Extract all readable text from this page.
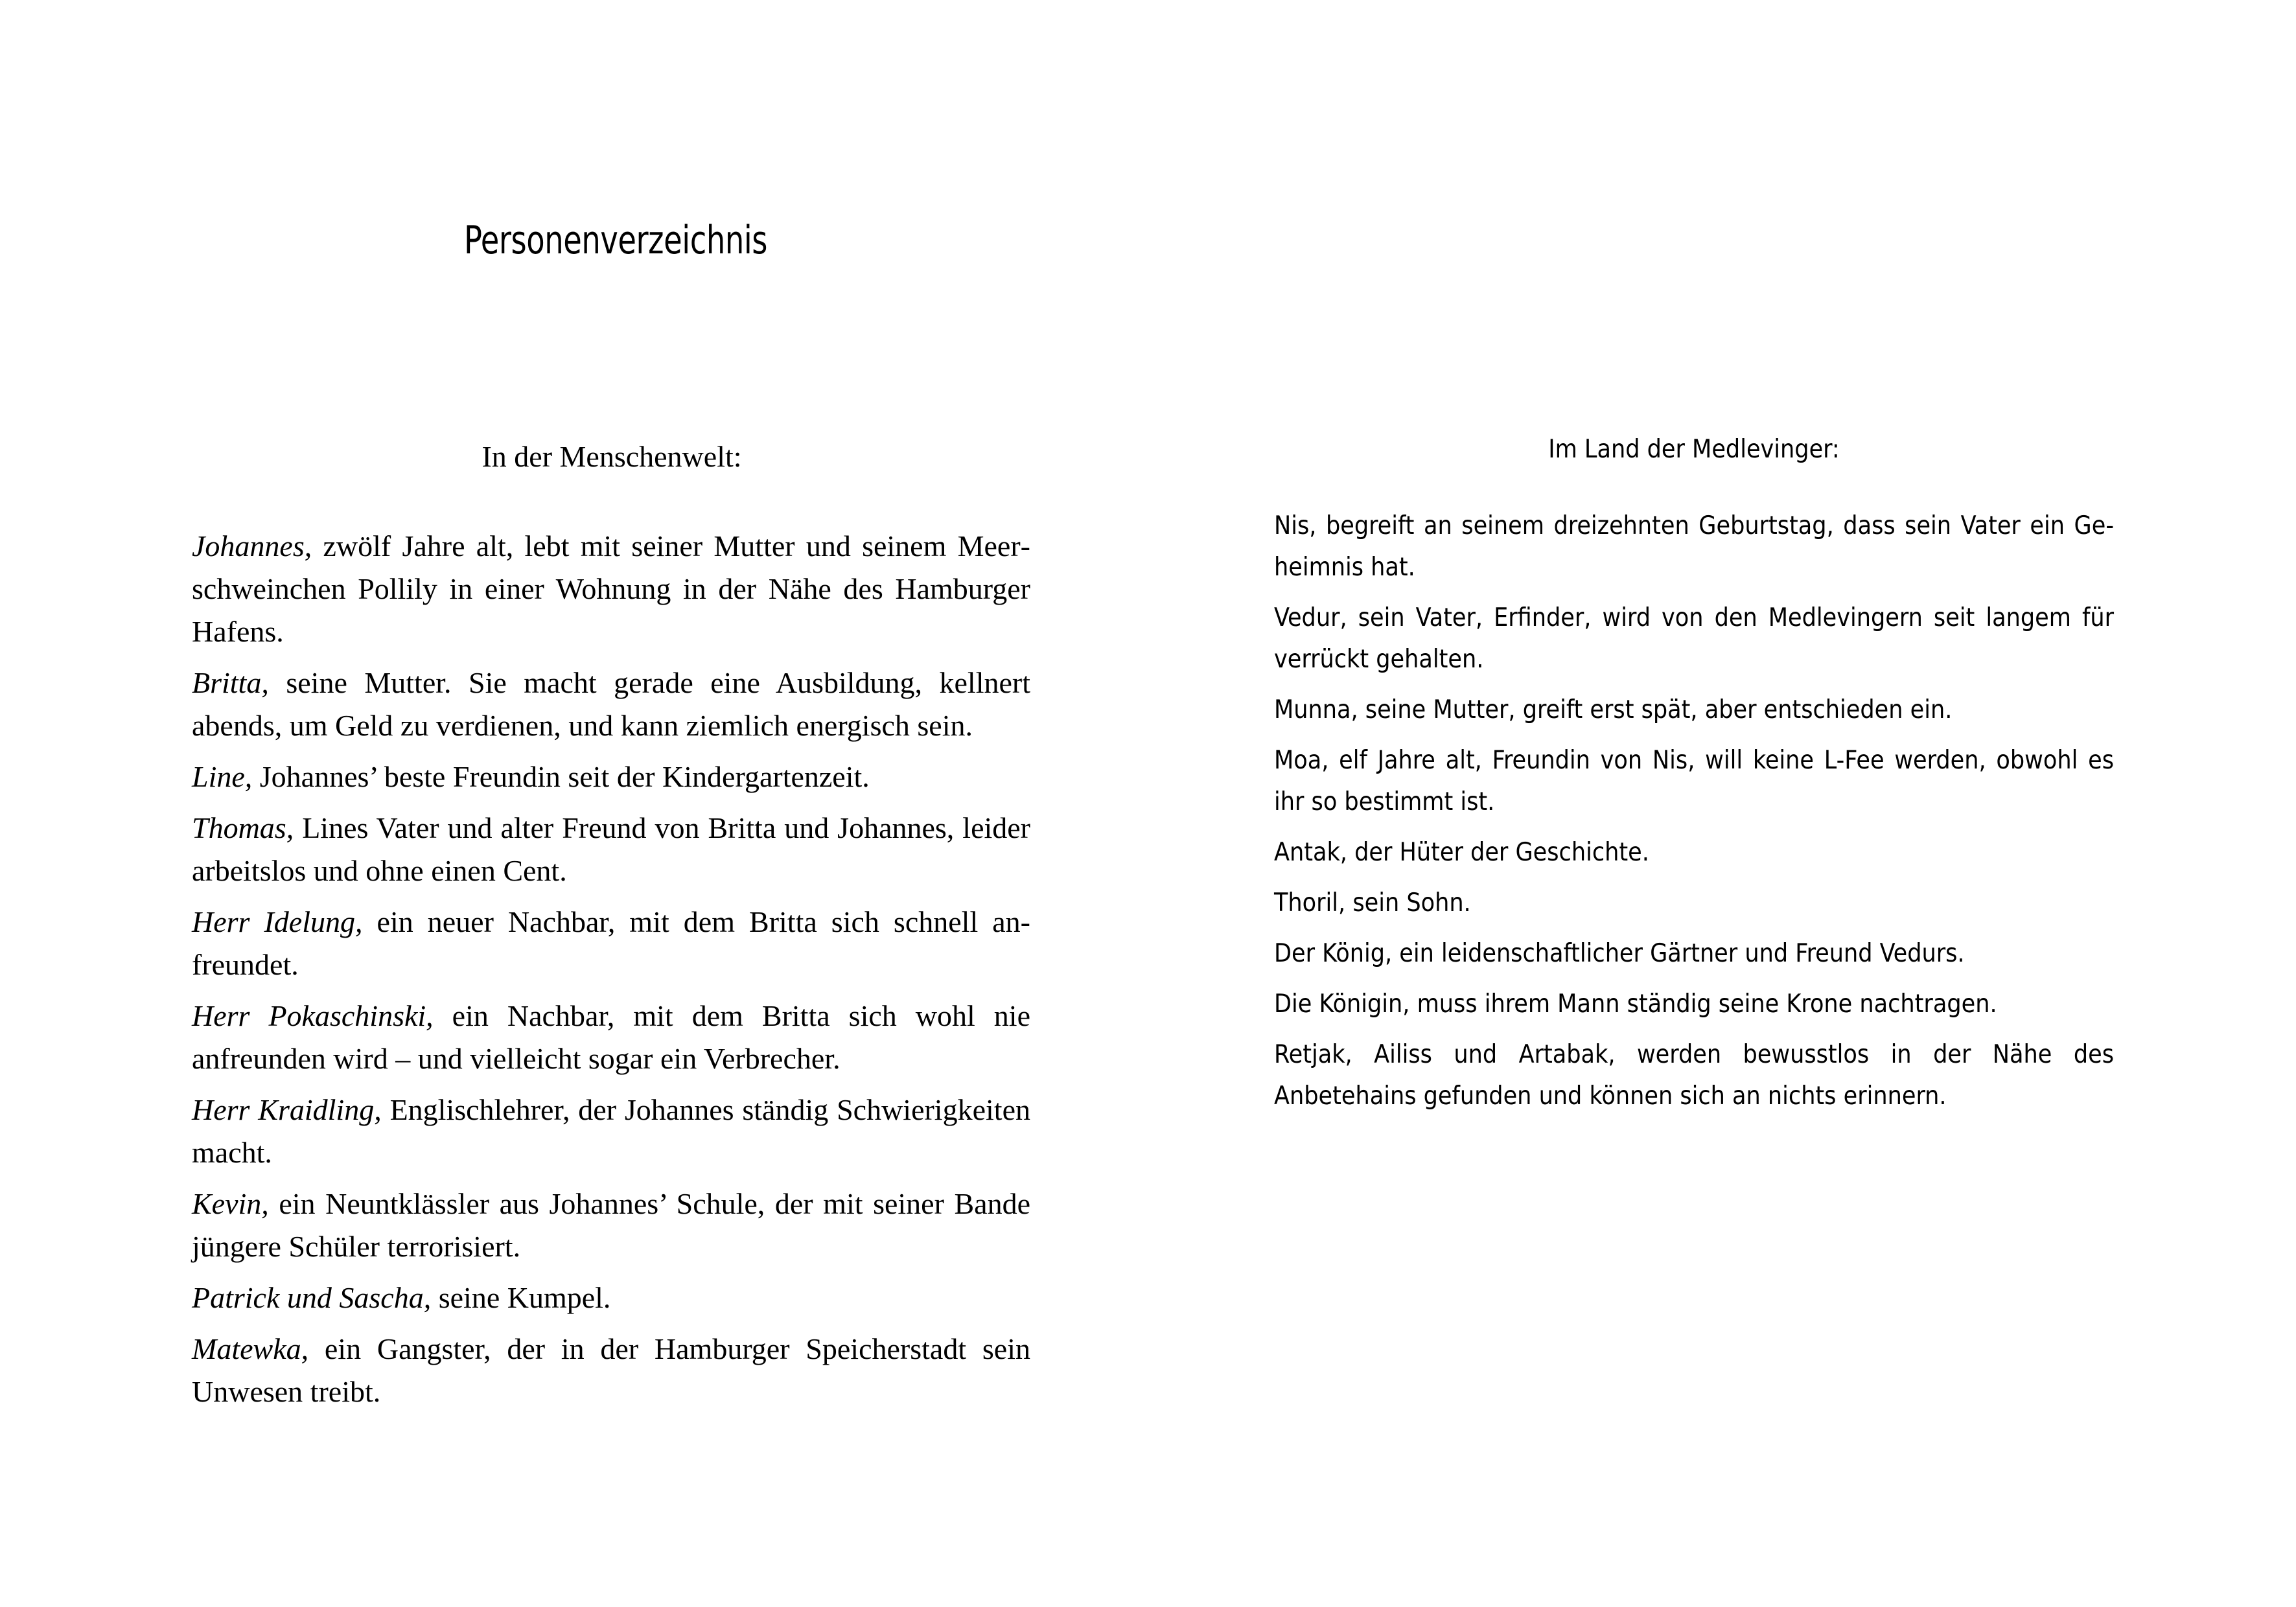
Personenverzeichnis
In der Menschenwelt:

Johannes, zwölf Jahre alt, lebt mit seiner Mutter und seinem Meerschweinchen Pollily in einer Wohnung in der Nähe des Hamburger Hafens.

Britta, seine Mutter. Sie macht gerade eine Ausbildung, kellnert abends, um Geld zu verdienen, und kann ziemlich energisch sein.

Line, Johannes’ beste Freundin seit der Kindergartenzeit.

Thomas, Lines Vater und alter Freund von Britta und Johannes, leider arbeitslos und ohne einen Cent.

Herr Idelung, ein neuer Nachbar, mit dem Britta sich schnell anfreundet.

Herr Pokaschinski, ein Nachbar, mit dem Britta sich wohl nie anfreunden wird – und vielleicht sogar ein Verbrecher.

Herr Kraidling, Englischlehrer, der Johannes ständig Schwierigkeiten macht.

Kevin, ein Neuntklässler aus Johannes’ Schule, der mit seiner Bande jüngere Schüler terrorisiert.

Patrick und Sascha, seine Kumpel.

Matewka, ein Gangster, der in der Hamburger Speicherstadt sein Unwesen treibt.

Im Land der Medlevinger:

Nis, begreift an seinem dreizehnten Geburtstag, dass sein Vater ein Geheimnis hat.

Vedur, sein Vater, Erfinder, wird von den Medlevingern seit langem für verrückt gehalten.

Munna, seine Mutter, greift erst spät, aber entschieden ein.

Moa, elf Jahre alt, Freundin von Nis, will keine L-Fee werden, obwohl es ihr so bestimmt ist.

Antak, der Hüter der Geschichte.

Thoril, sein Sohn.

Der König, ein leidenschaftlicher Gärtner und Freund Vedurs.

Die Königin, muss ihrem Mann ständig seine Krone nachtragen.

Retjak, Ailiss und Artabak, werden bewusstlos in der Nähe des Anbetehains gefunden und können sich an nichts erinnern.
